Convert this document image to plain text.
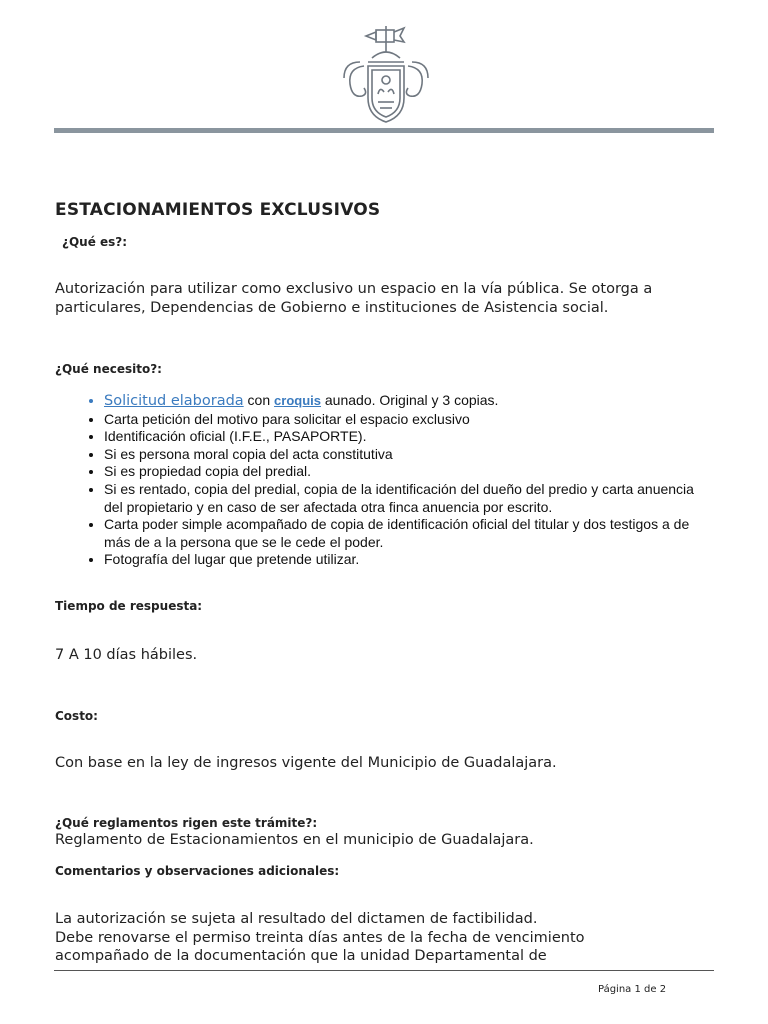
ESTACIONAMIENTOS EXCLUSIVOS

¿Qué es?:

Autorización para utilizar como exclusivo un espacio en la vía pública. Se otorga a particulares, Dependencias de Gobierno e instituciones de Asistencia social.

¿Qué necesito?:

• Solicitud elaborada con croquis aunado. Original y 3 copias.
• Carta petición del motivo para solicitar el espacio exclusivo
• Identificación oficial (I.F.E., PASAPORTE).
• Si es persona moral copia del acta constitutiva
• Si es propiedad copia del predial.
• Si es rentado, copia del predial, copia de la identificación del dueño del predio y carta anuencia del propietario y en caso de ser afectada otra finca anuencia por escrito.
• Carta poder simple acompañado de copia de identificación oficial del titular y dos testigos a de más de a la persona que se le cede el poder.
• Fotografía del lugar que pretende utilizar.

Tiempo de respuesta:

7 A 10 días hábiles.

Costo:

Con base en la ley de ingresos vigente del Municipio de Guadalajara.

¿Qué reglamentos rigen este trámite?:

Reglamento de Estacionamientos en el municipio de Guadalajara.

Comentarios y observaciones adicionales:

La autorización se sujeta al resultado del dictamen de factibilidad.

Debe renovarse el permiso treinta días antes de la fecha de vencimiento

acompañado de la documentación que la unidad Departamental de

Página 1 de 2
